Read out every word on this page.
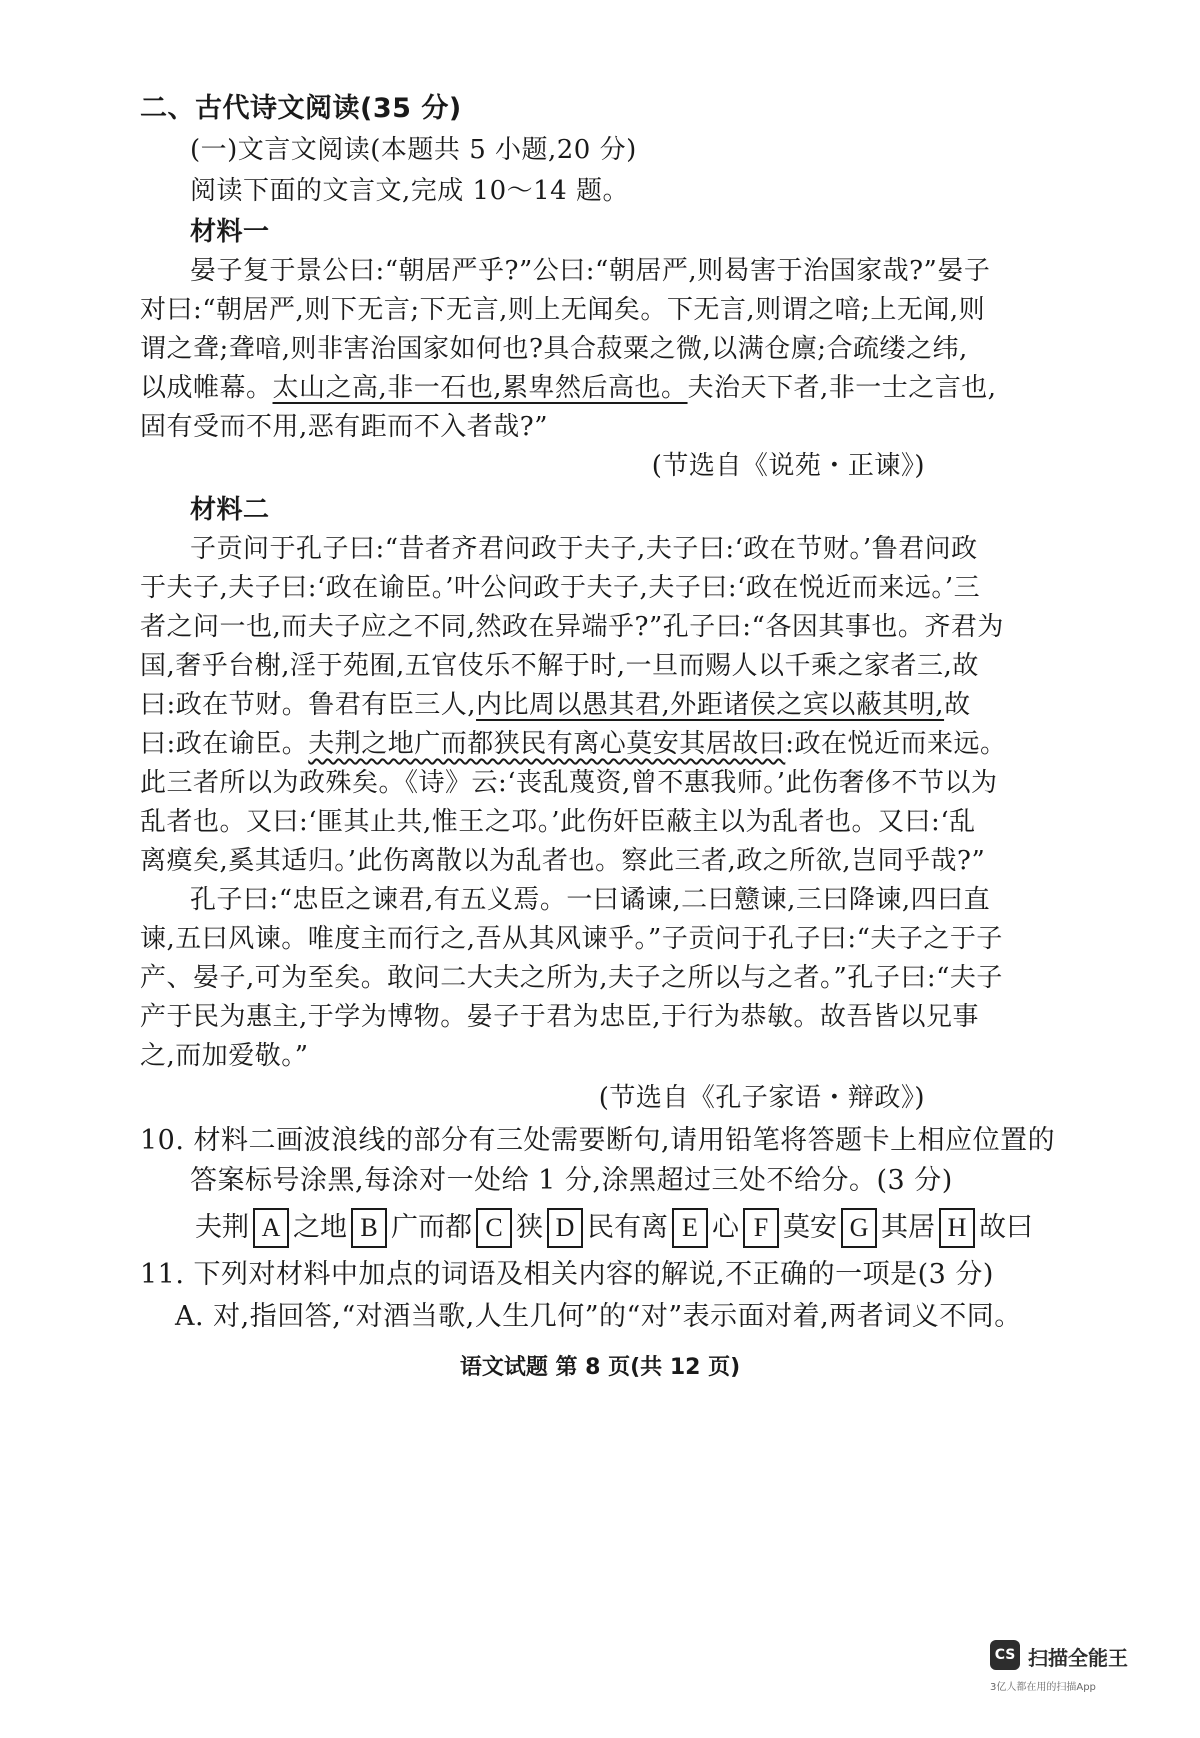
二、古代诗文阅读(35 分)
(一)文言文阅读(本题共 5 小题,20 分)
阅读下面的文言文,完成 10～14 题。
材料一
晏子复于景公曰:“朝居严乎?”公曰:“朝居严,则曷害于治国家哉?”晏子
对曰:“朝居严,则下无言;下无言,则上无闻矣。下无言,则谓之喑;上无闻,则
谓之聋;聋喑,则非害治国家如何也?具合菽粟之微,以满仓廪;合疏缕之纬,
以成帷幕。太山之高,非一石也,累卑然后高也。夫治天下者,非一士之言也,
固有受而不用,恶有距而不入者哉?”
(节选自《说苑・正谏》)
材料二
子贡问于孔子曰:“昔者齐君问政于夫子,夫子曰:‘政在节财。’鲁君问政
于夫子,夫子曰:‘政在谕臣。’叶公问政于夫子,夫子曰:‘政在悦近而来远。’三
者之问一也,而夫子应之不同,然政在异端乎?”孔子曰:“各因其事也。齐君为
国,奢乎台榭,淫于苑囿,五官伎乐不解于时,一旦而赐人以千乘之家者三,故
曰:政在节财。鲁君有臣三人,内比周以愚其君,外距诸侯之宾以蔽其明,故
曰:政在谕臣。夫荆之地广而都狭民有离心莫安其居故曰:政在悦近而来远。
此三者所以为政殊矣。《诗》云:‘丧乱蔑资,曾不惠我师。’此伤奢侈不节以为
乱者也。又曰:‘匪其止共,惟王之邛。’此伤奸臣蔽主以为乱者也。又曰:‘乱
离瘼矣,奚其适归。’此伤离散以为乱者也。察此三者,政之所欲,岂同乎哉?”
孔子曰:“忠臣之谏君,有五义焉。一曰谲谏,二曰戆谏,三曰降谏,四曰直
谏,五曰风谏。唯度主而行之,吾从其风谏乎。”子贡问于孔子曰:“夫子之于子
产、晏子,可为至矣。敢问二大夫之所为,夫子之所以与之者。”孔子曰:“夫子
产于民为惠主,于学为博物。晏子于君为忠臣,于行为恭敏。故吾皆以兄事
之,而加爱敬。”
(节选自《孔子家语・辩政》)
10. 材料二画波浪线的部分有三处需要断句,请用铅笔将答题卡上相应位置的
答案标号涂黑,每涂对一处给 1 分,涂黑超过三处不给分。(3 分)
夫荆 A 之地 B 广而都 C 狭 D 民有离 E 心 F 莫安 G 其居 H 故曰
11. 下列对材料中加点的词语及相关内容的解说,不正确的一项是(3 分)
A. 对,指回答,“对酒当歌,人生几何”的“对”表示面对着,两者词义不同。
语文试题 第 8 页(共 12 页)
CS 扫描全能王
3亿人都在用的扫描App
